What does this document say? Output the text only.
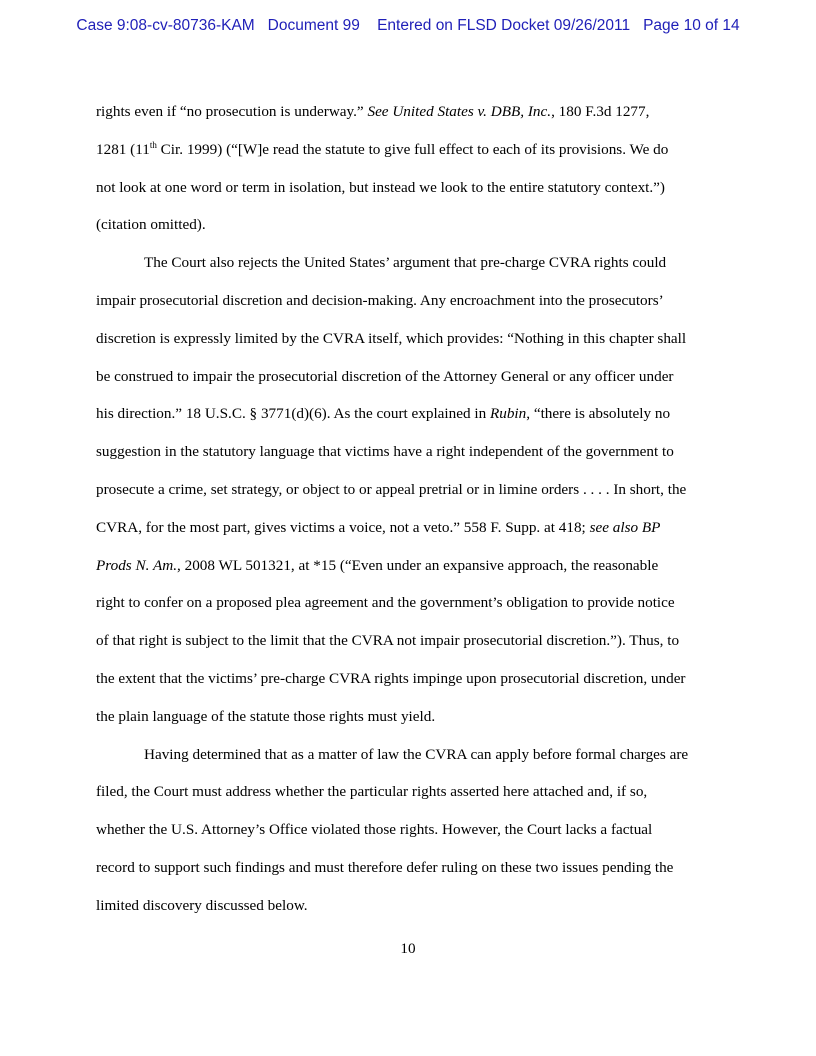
Case 9:08-cv-80736-KAM Document 99 Entered on FLSD Docket 09/26/2011 Page 10 of 14
rights even if “no prosecution is underway.” See United States v. DBB, Inc., 180 F.3d 1277,
1281 (11th Cir. 1999) (“[W]e read the statute to give full effect to each of its provisions. We do
not look at one word or term in isolation, but instead we look to the entire statutory context.”)
(citation omitted).
The Court also rejects the United States’ argument that pre-charge CVRA rights could
impair prosecutorial discretion and decision-making. Any encroachment into the prosecutors’
discretion is expressly limited by the CVRA itself, which provides: “Nothing in this chapter shall
be construed to impair the prosecutorial discretion of the Attorney General or any officer under
his direction.” 18 U.S.C. § 3771(d)(6). As the court explained in Rubin, “there is absolutely no
suggestion in the statutory language that victims have a right independent of the government to
prosecute a crime, set strategy, or object to or appeal pretrial or in limine orders . . . . In short, the
CVRA, for the most part, gives victims a voice, not a veto.” 558 F. Supp. at 418; see also BP
Prods N. Am., 2008 WL 501321, at *15 (“Even under an expansive approach, the reasonable
right to confer on a proposed plea agreement and the government’s obligation to provide notice
of that right is subject to the limit that the CVRA not impair prosecutorial discretion.”). Thus, to
the extent that the victims’ pre-charge CVRA rights impinge upon prosecutorial discretion, under
the plain language of the statute those rights must yield.
Having determined that as a matter of law the CVRA can apply before formal charges are
filed, the Court must address whether the particular rights asserted here attached and, if so,
whether the U.S. Attorney’s Office violated those rights. However, the Court lacks a factual
record to support such findings and must therefore defer ruling on these two issues pending the
limited discovery discussed below.
10
